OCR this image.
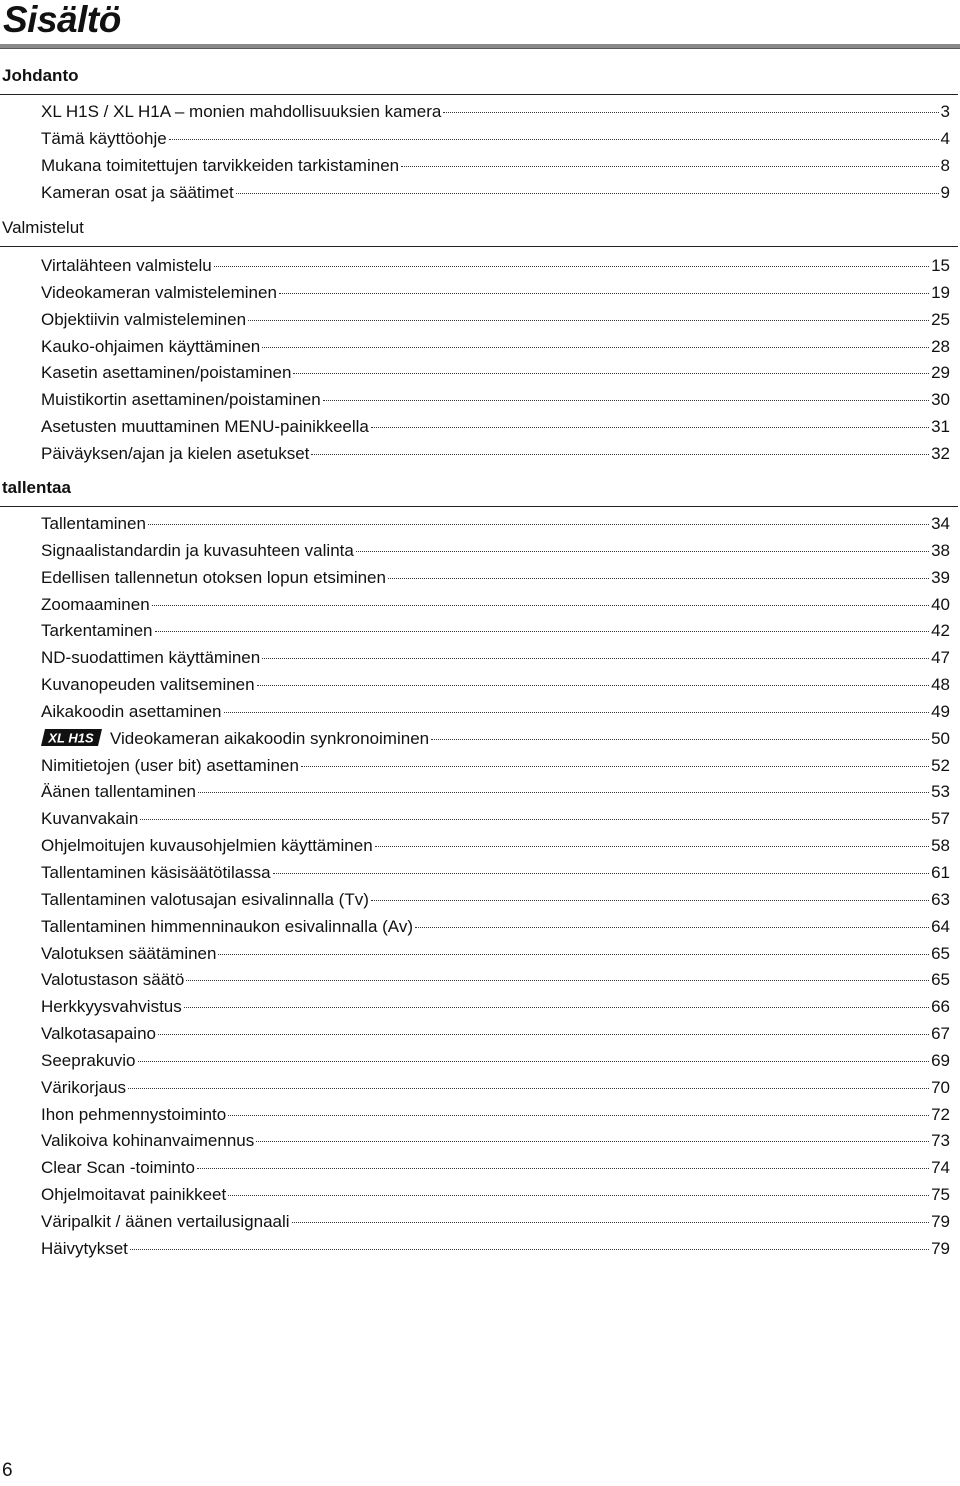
Sisältö
Johdanto
XL H1S / XL H1A – monien mahdollisuuksien kamera	3
Tämä käyttöohje	4
Mukana toimitettujen tarvikkeiden tarkistaminen	8
Kameran osat ja säätimet	9
Valmistelut
Virtalähteen valmistelu	15
Videokameran valmisteleminen	19
Objektiivin valmisteleminen	25
Kauko-ohjaimen käyttäminen	28
Kasetin asettaminen/poistaminen	29
Muistikortin asettaminen/poistaminen	30
Asetusten muuttaminen MENU-painikkeella	31
Päiväyksen/ajan ja kielen asetukset	32
tallentaa
Tallentaminen	34
Signaalistandardin ja kuvasuhteen valinta	38
Edellisen tallennetun otoksen lopun etsiminen	39
Zoomaaminen	40
Tarkentaminen	42
ND-suodattimen käyttäminen	47
Kuvanopeuden valitseminen	48
Aikakoodin asettaminen	49
XL H1S Videokameran aikakoodin synkronoiminen	50
Nimitietojen (user bit) asettaminen	52
Äänen tallentaminen	53
Kuvanvakain	57
Ohjelmoitujen kuvausohjelmien käyttäminen	58
Tallentaminen käsisäätötilassa	61
Tallentaminen valotusajan esivalinnalla (Tv)	63
Tallentaminen himmenninaukon esivalinnalla (Av)	64
Valotuksen säätäminen	65
Valotustason säätö	65
Herkkyysvahvistus	66
Valkotasapaino	67
Seeprakuvio	69
Värikorjaus	70
Ihon pehmennystoiminto	72
Valikoiva kohinanvaimennus	73
Clear Scan -toiminto	74
Ohjelmoitavat painikkeet	75
Väripalkit / äänen vertailusignaali	79
Häivytykset	79
6
